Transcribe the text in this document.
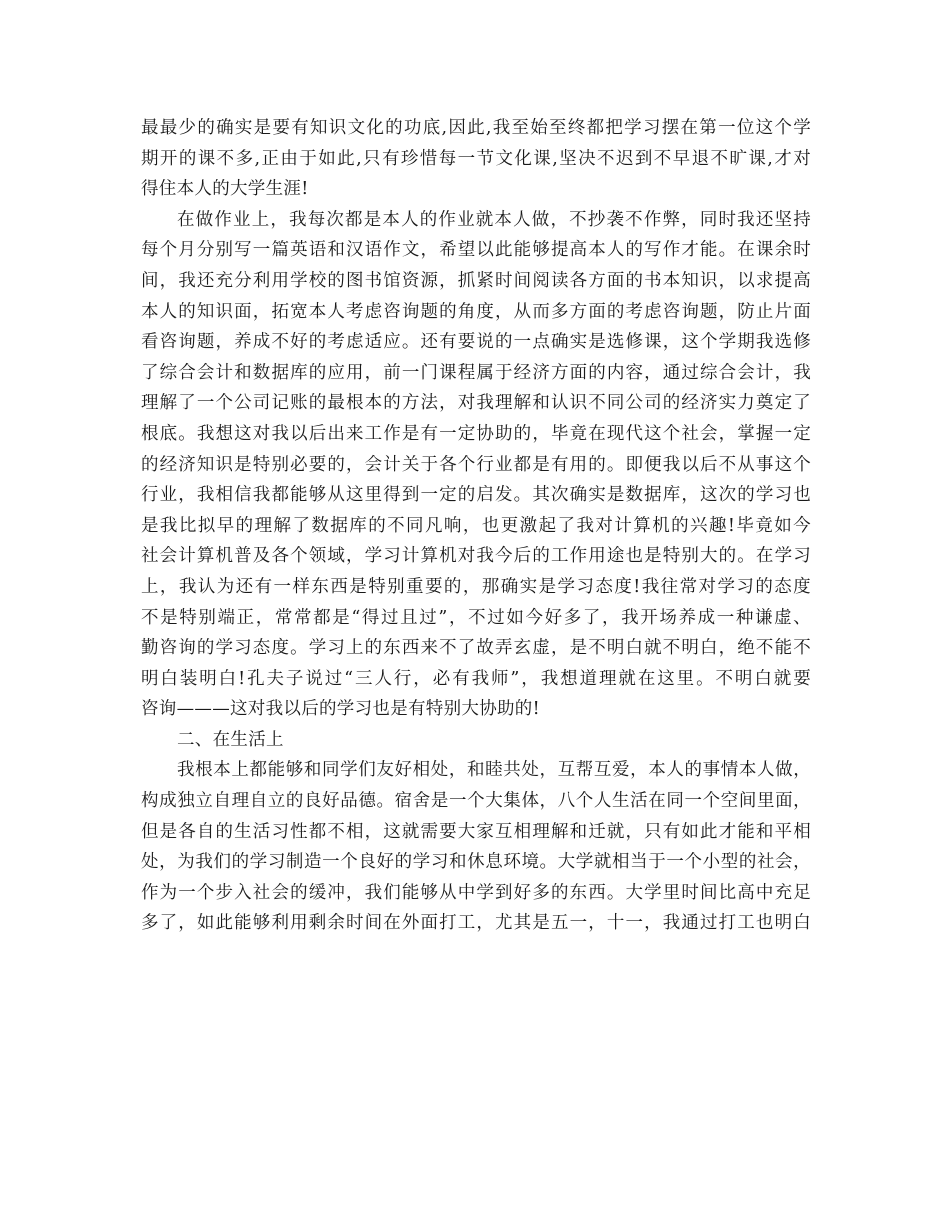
最最少的确实是要有知识文化的功底,因此,我至始至终都把学习摆在第一位这个学
期开的课不多,正由于如此,只有珍惜每一节文化课,坚决不迟到不早退不旷课,才对
得住本人的大学生涯!
在做作业上，我每次都是本人的作业就本人做，不抄袭不作弊，同时我还坚持
每个月分别写一篇英语和汉语作文，希望以此能够提高本人的写作才能。在课余时
间，我还充分利用学校的图书馆资源，抓紧时间阅读各方面的书本知识，以求提高
本人的知识面，拓宽本人考虑咨询题的角度，从而多方面的考虑咨询题，防止片面
看咨询题，养成不好的考虑适应。还有要说的一点确实是选修课，这个学期我选修
了综合会计和数据库的应用，前一门课程属于经济方面的内容，通过综合会计，我
理解了一个公司记账的最根本的方法，对我理解和认识不同公司的经济实力奠定了
根底。我想这对我以后出来工作是有一定协助的，毕竟在现代这个社会，掌握一定
的经济知识是特别必要的，会计关于各个行业都是有用的。即便我以后不从事这个
行业，我相信我都能够从这里得到一定的启发。其次确实是数据库，这次的学习也
是我比拟早的理解了数据库的不同凡响，也更激起了我对计算机的兴趣!毕竟如今
社会计算机普及各个领域，学习计算机对我今后的工作用途也是特别大的。在学习
上，我认为还有一样东西是特别重要的，那确实是学习态度!我往常对学习的态度
不是特别端正，常常都是“得过且过”，不过如今好多了，我开场养成一种谦虚、
勤咨询的学习态度。学习上的东西来不了故弄玄虚，是不明白就不明白，绝不能不
明白装明白!孔夫子说过“三人行，必有我师”，我想道理就在这里。不明白就要
咨询———这对我以后的学习也是有特别大协助的!
二、在生活上
我根本上都能够和同学们友好相处，和睦共处，互帮互爱，本人的事情本人做，
构成独立自理自立的良好品德。宿舍是一个大集体，八个人生活在同一个空间里面，
但是各自的生活习性都不相，这就需要大家互相理解和迁就，只有如此才能和平相
处，为我们的学习制造一个良好的学习和休息环境。大学就相当于一个小型的社会，
作为一个步入社会的缓冲，我们能够从中学到好多的东西。大学里时间比高中充足
多了，如此能够利用剩余时间在外面打工，尤其是五一，十一，我通过打工也明白
